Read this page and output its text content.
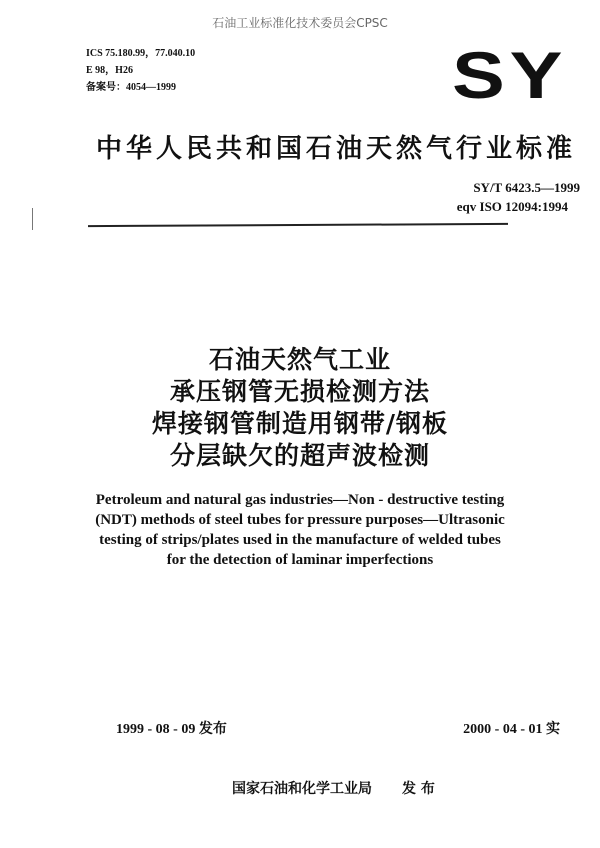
石油工业标准化技术委员会CPSC
ICS 75.180.99，77.040.10
E 98，H26
备案号：4054—1999	SY
中华人民共和国石油天然气行业标准
SY/T 6423.5—1999
eqv ISO 12094:1994
石油天然气工业
承压钢管无损检测方法
焊接钢管制造用钢带/钢板
分层缺欠的超声波检测
Petroleum and natural gas industries—Non - destructive testing (NDT) methods of steel tubes for pressure purposes—Ultrasonic testing of strips/plates used in the manufacture of welded tubes for the detection of laminar imperfections
1999 - 08 - 09 发布	2000 - 04 - 01 实
国家石油和化学工业局 发 布
